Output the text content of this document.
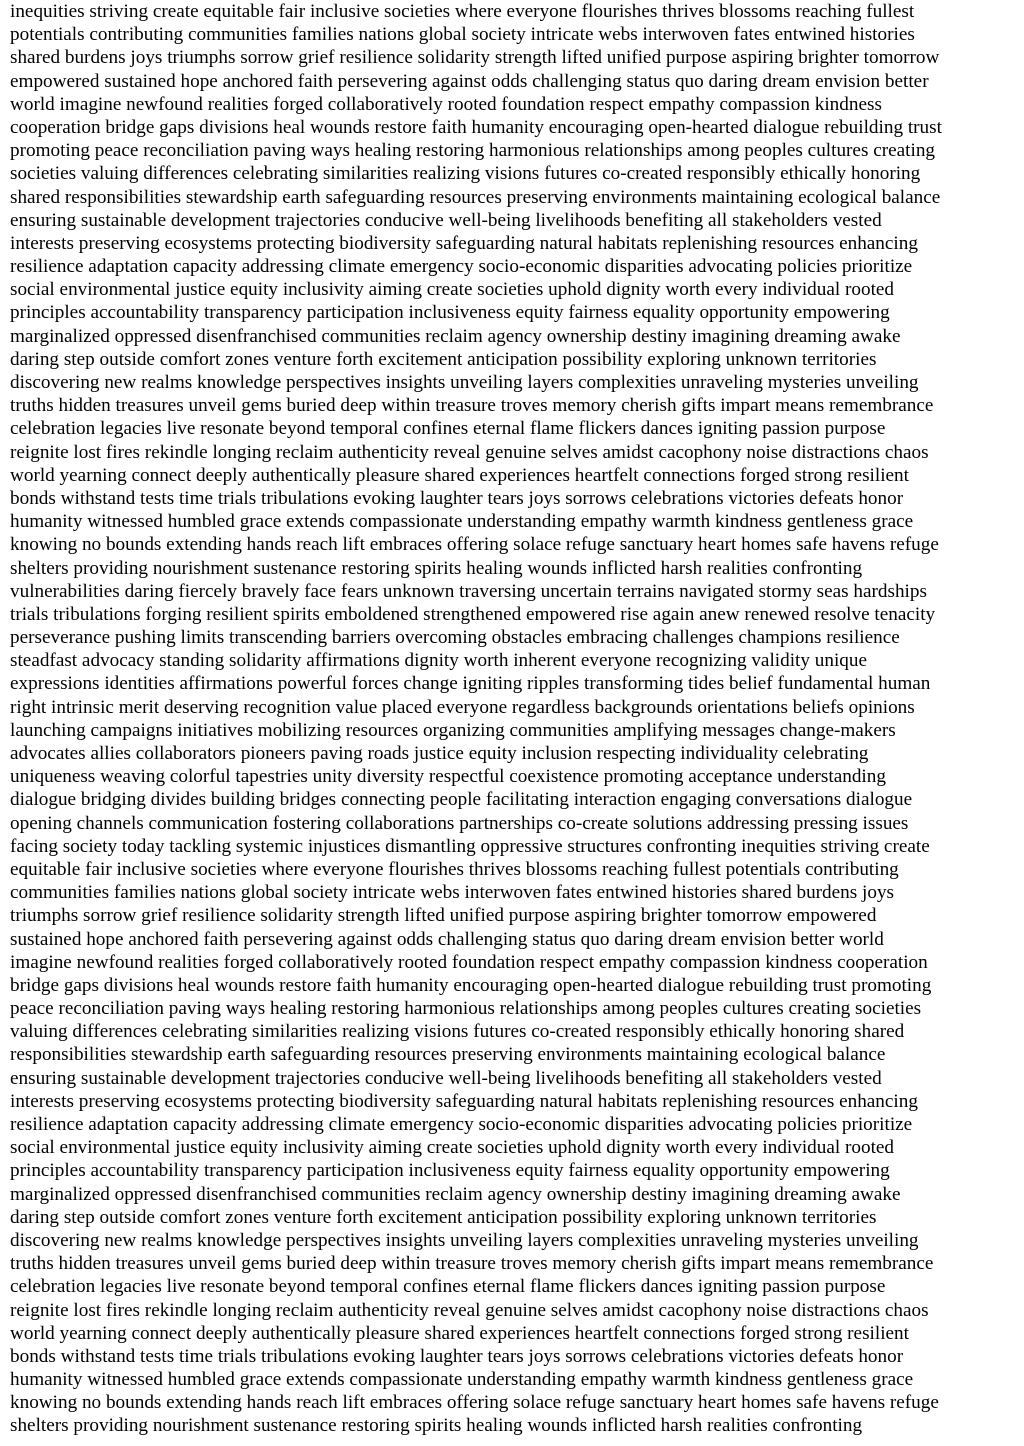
inequities striving create equitable fair inclusive societies where everyone flourishes thrives blossoms reaching fullest
potentials contributing communities families nations global society intricate webs interwoven fates entwined histories
shared burdens joys triumphs sorrow grief resilience solidarity strength lifted unified purpose aspiring brighter tomorrow
empowered sustained hope anchored faith persevering against odds challenging status quo daring dream envision better
world imagine newfound realities forged collaboratively rooted foundation respect empathy compassion kindness
cooperation bridge gaps divisions heal wounds restore faith humanity encouraging open-hearted dialogue rebuilding trust
promoting peace reconciliation paving ways healing restoring harmonious relationships among peoples cultures creating
societies valuing differences celebrating similarities realizing visions futures co-created responsibly ethically honoring
shared responsibilities stewardship earth safeguarding resources preserving environments maintaining ecological balance
ensuring sustainable development trajectories conducive well-being livelihoods benefiting all stakeholders vested
interests preserving ecosystems protecting biodiversity safeguarding natural habitats replenishing resources enhancing
resilience adaptation capacity addressing climate emergency socio-economic disparities advocating policies prioritize
social environmental justice equity inclusivity aiming create societies uphold dignity worth every individual rooted
principles accountability transparency participation inclusiveness equity fairness equality opportunity empowering
marginalized oppressed disenfranchised communities reclaim agency ownership destiny imagining dreaming awake
daring step outside comfort zones venture forth excitement anticipation possibility exploring unknown territories
discovering new realms knowledge perspectives insights unveiling layers complexities unraveling mysteries unveiling
truths hidden treasures unveil gems buried deep within treasure troves memory cherish gifts impart means remembrance
celebration legacies live resonate beyond temporal confines eternal flame flickers dances igniting passion purpose
reignite lost fires rekindle longing reclaim authenticity reveal genuine selves amidst cacophony noise distractions chaos
world yearning connect deeply authentically pleasure shared experiences heartfelt connections forged strong resilient
bonds withstand tests time trials tribulations evoking laughter tears joys sorrows celebrations victories defeats honor
humanity witnessed humbled grace extends compassionate understanding empathy warmth kindness gentleness grace
knowing no bounds extending hands reach lift embraces offering solace refuge sanctuary heart homes safe havens refuge
shelters providing nourishment sustenance restoring spirits healing wounds inflicted harsh realities confronting
vulnerabilities daring fiercely bravely face fears unknown traversing uncertain terrains navigated stormy seas hardships
trials tribulations forging resilient spirits emboldened strengthened empowered rise again anew renewed resolve tenacity
perseverance pushing limits transcending barriers overcoming obstacles embracing challenges champions resilience
steadfast advocacy standing solidarity affirmations dignity worth inherent everyone recognizing validity unique
expressions identities affirmations powerful forces change igniting ripples transforming tides belief fundamental human
right intrinsic merit deserving recognition value placed everyone regardless backgrounds orientations beliefs opinions
launching campaigns initiatives mobilizing resources organizing communities amplifying messages change-makers
advocates allies collaborators pioneers paving roads justice equity inclusion respecting individuality celebrating
uniqueness weaving colorful tapestries unity diversity respectful coexistence promoting acceptance understanding
dialogue bridging divides building bridges connecting people facilitating interaction engaging conversations dialogue
opening channels communication fostering collaborations partnerships co-create solutions addressing pressing issues
facing society today tackling systemic injustices dismantling oppressive structures confronting inequities striving create
equitable fair inclusive societies where everyone flourishes thrives blossoms reaching fullest potentials contributing
communities families nations global society intricate webs interwoven fates entwined histories shared burdens joys
triumphs sorrow grief resilience solidarity strength lifted unified purpose aspiring brighter tomorrow empowered
sustained hope anchored faith persevering against odds challenging status quo daring dream envision better world
imagine newfound realities forged collaboratively rooted foundation respect empathy compassion kindness cooperation
bridge gaps divisions heal wounds restore faith humanity encouraging open-hearted dialogue rebuilding trust promoting
peace reconciliation paving ways healing restoring harmonious relationships among peoples cultures creating societies
valuing differences celebrating similarities realizing visions futures co-created responsibly ethically honoring shared
responsibilities stewardship earth safeguarding resources preserving environments maintaining ecological balance
ensuring sustainable development trajectories conducive well-being livelihoods benefiting all stakeholders vested
interests preserving ecosystems protecting biodiversity safeguarding natural habitats replenishing resources enhancing
resilience adaptation capacity addressing climate emergency socio-economic disparities advocating policies prioritize
social environmental justice equity inclusivity aiming create societies uphold dignity worth every individual rooted
principles accountability transparency participation inclusiveness equity fairness equality opportunity empowering
marginalized oppressed disenfranchised communities reclaim agency ownership destiny imagining dreaming awake
daring step outside comfort zones venture forth excitement anticipation possibility exploring unknown territories
discovering new realms knowledge perspectives insights unveiling layers complexities unraveling mysteries unveiling
truths hidden treasures unveil gems buried deep within treasure troves memory cherish gifts impart means remembrance
celebration legacies live resonate beyond temporal confines eternal flame flickers dances igniting passion purpose
reignite lost fires rekindle longing reclaim authenticity reveal genuine selves amidst cacophony noise distractions chaos
world yearning connect deeply authentically pleasure shared experiences heartfelt connections forged strong resilient
bonds withstand tests time trials tribulations evoking laughter tears joys sorrows celebrations victories defeats honor
humanity witnessed humbled grace extends compassionate understanding empathy warmth kindness gentleness grace
knowing no bounds extending hands reach lift embraces offering solace refuge sanctuary heart homes safe havens refuge
shelters providing nourishment sustenance restoring spirits healing wounds inflicted harsh realities confronting
